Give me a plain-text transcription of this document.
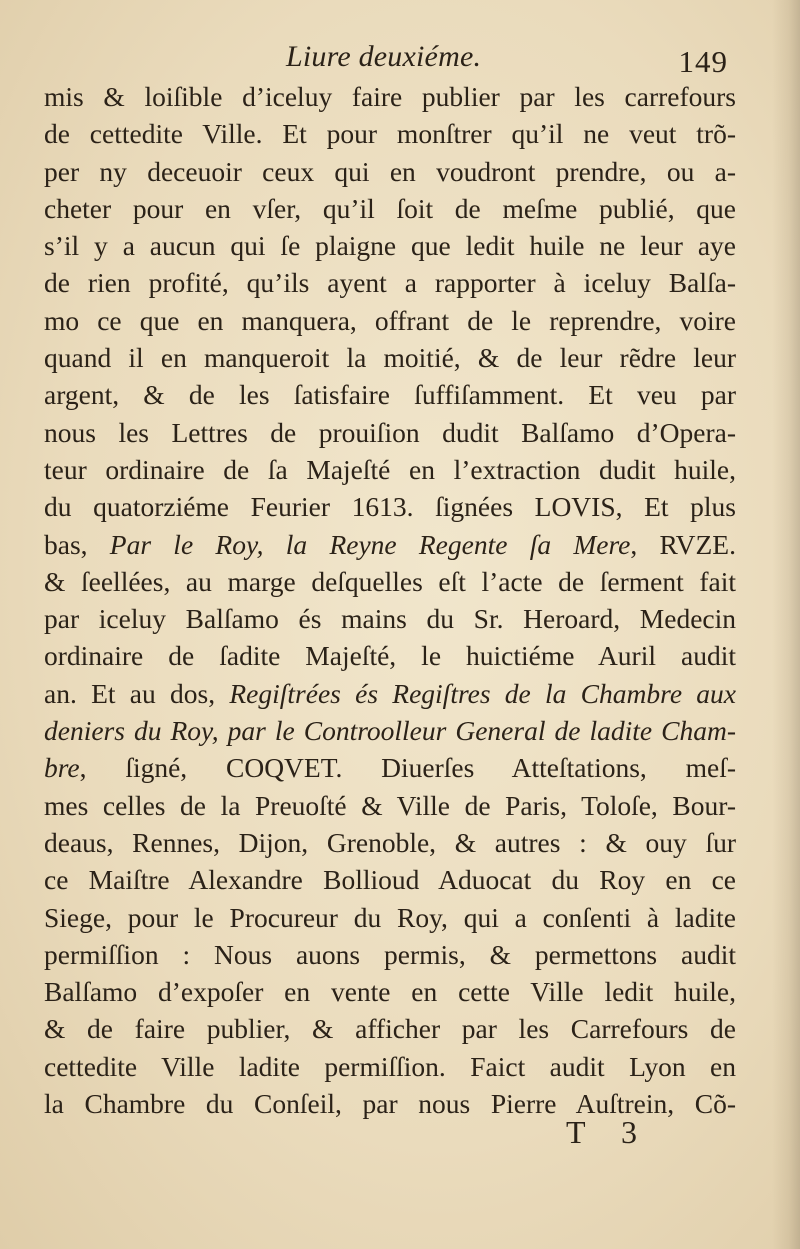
Liure deuxiéme.	149
mis & loiſible d’iceluy faire publier par les carrefours
de cettedite Ville. Et pour monſtrer qu’il ne veut trõ-
per ny deceuoir ceux qui en voudront prendre, ou a-
cheter pour en vſer, qu’il ſoit de meſme publié, que
s’il y a aucun qui ſe plaigne que ledit huile ne leur aye
de rien profité, qu’ils ayent a rapporter à iceluy Balſa-
mo ce que en manquera, offrant de le reprendre, voire
quand il en manqueroit la moitié, & de leur rẽdre leur
argent, & de les ſatisfaire ſuffiſamment. Et veu par
nous les Lettres de prouiſion dudit Balſamo d’Opera-
teur ordinaire de ſa Majeſté en l’extraction dudit huile,
du quatorziéme Feurier 1613. ſignées LOVIS, Et plus
bas, Par le Roy, la Reyne Regente ſa Mere, RVZE.
& ſeellées, au marge deſquelles eſt l’acte de ſerment fait
par iceluy Balſamo és mains du Sr. Heroard, Medecin
ordinaire de ſadite Majeſté, le huictiéme Auril audit
an. Et au dos, Regiſtrées és Regiſtres de la Chambre aux
deniers du Roy, par le Controolleur General de ladite Cham-
bre, ſigné, COQVET. Diuerſes Atteſtations, meſ-
mes celles de la Preuoſté & Ville de Paris, Toloſe, Bour-
deaus, Rennes, Dijon, Grenoble, & autres : & ouy ſur
ce Maiſtre Alexandre Bollioud Aduocat du Roy en ce
Siege, pour le Procureur du Roy, qui a conſenti à ladite
permiſſion : Nous auons permis, & permettons audit
Balſamo d’expoſer en vente en cette Ville ledit huile,
& de faire publier, & afficher par les Carrefours de
cettedite Ville ladite permiſſion. Faict audit Lyon en
la Chambre du Conſeil, par nous Pierre Auſtrein, Cõ-
T 3
